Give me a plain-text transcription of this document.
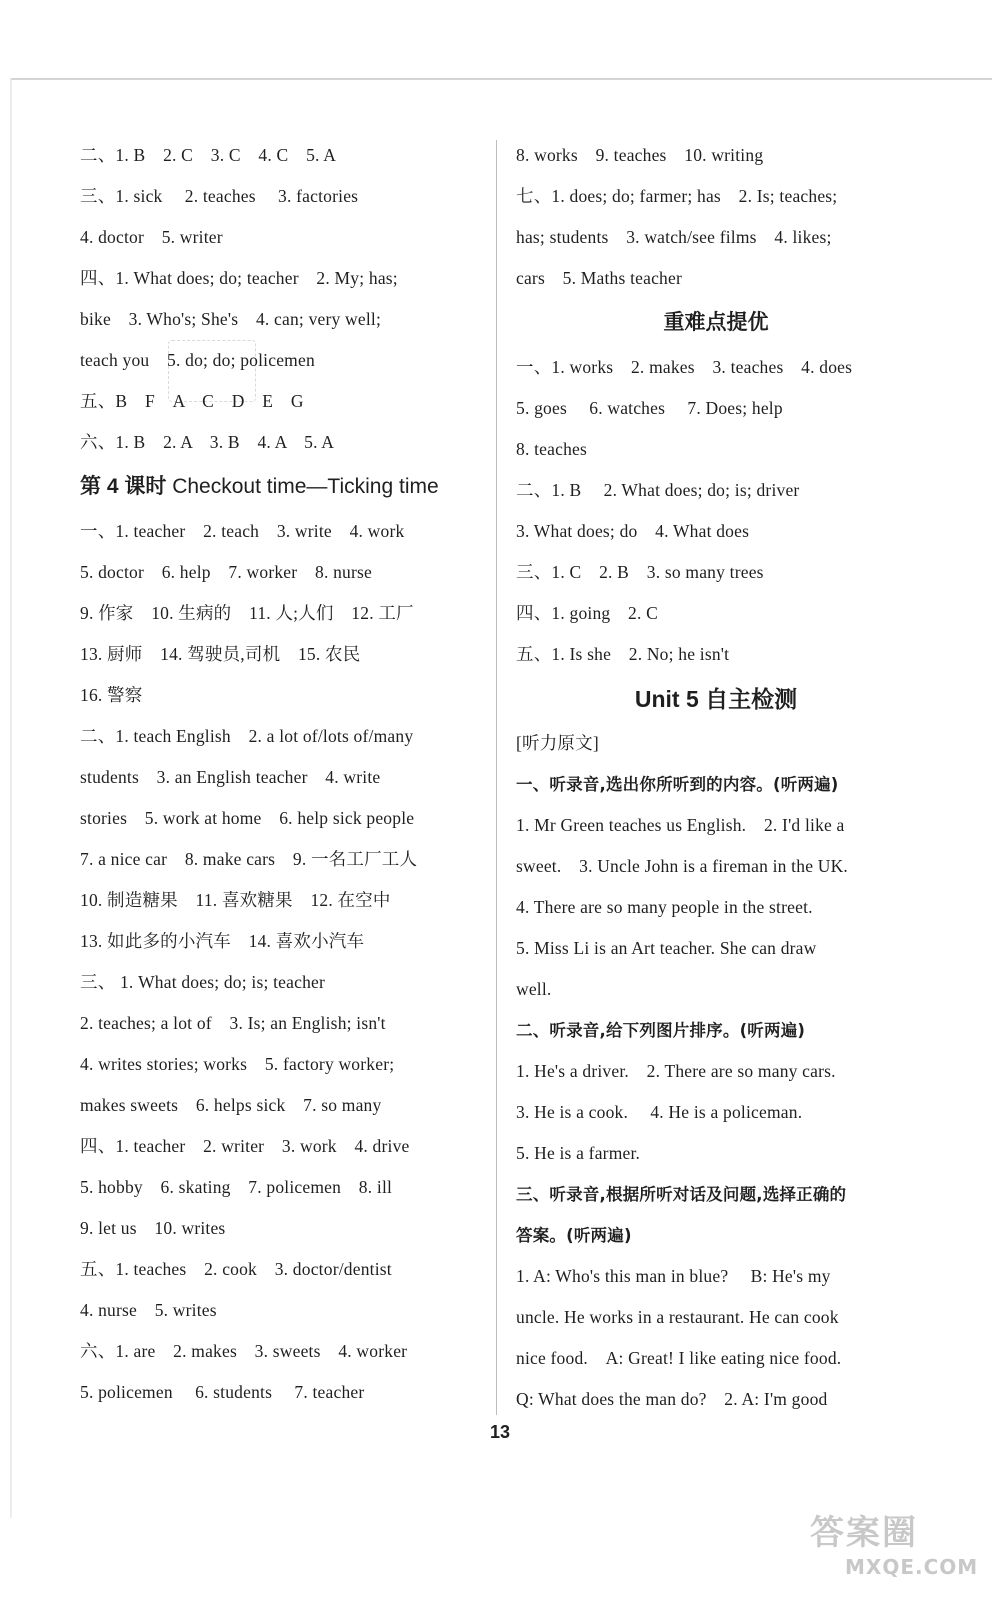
二、1. B　2. C　3. C　4. C　5. A
三、1. sick　 2. teaches　 3. factories
4. doctor　5. writer
四、1. What does; do; teacher　2. My; has;
bike　3. Who's; She's　4. can; very well;
teach you　5. do; do; policemen
五、B　F　A　C　D　E　G
六、1. B　2. A　3. B　4. A　5. A
第 4 课时 Checkout time—Ticking time
一、1. teacher　2. teach　3. write　4. work
5. doctor　6. help　7. worker　8. nurse
9. 作家　10. 生病的　11. 人;人们　12. 工厂
13. 厨师　14. 驾驶员,司机　15. 农民
16. 警察
二、1. teach English　2. a lot of/lots of/many
students　3. an English teacher　4. write
stories　5. work at home　6. help sick people
7. a nice car　8. make cars　9. 一名工厂工人
10. 制造糖果　11. 喜欢糖果　12. 在空中
13. 如此多的小汽车　14. 喜欢小汽车
三、 1. What does; do; is; teacher
2. teaches; a lot of　3. Is; an English; isn't
4. writes stories; works　5. factory worker;
makes sweets　6. helps sick　7. so many
四、1. teacher　2. writer　3. work　4. drive
5. hobby　6. skating　7. policemen　8. ill
9. let us　10. writes
五、1. teaches　2. cook　3. doctor/dentist
4. nurse　5. writes
六、1. are　2. makes　3. sweets　4. worker
5. policemen　 6. students　 7. teacher
8. works　9. teaches　10. writing
七、1. does; do; farmer; has　2. Is; teaches;
has; students　3. watch/see films　4. likes;
cars　5. Maths teacher
重难点提优
一、1. works　2. makes　3. teaches　4. does
5. goes　 6. watches　 7. Does; help
8. teaches
二、1. B　 2. What does; do; is; driver
3. What does; do　4. What does
三、1. C　2. B　3. so many trees
四、1. going　2. C
五、1. Is she　2. No; he isn't
Unit 5 自主检测
[听力原文]
一、听录音,选出你所听到的内容。(听两遍)
1. Mr Green teaches us English.　2. I'd like a
sweet.　3. Uncle John is a fireman in the UK.
4. There are so many people in the street.
5. Miss Li is an Art teacher. She can draw
well.
二、听录音,给下列图片排序。(听两遍)
1. He's a driver.　2. There are so many cars.
3. He is a cook.　 4. He is a policeman.
5. He is a farmer.
三、听录音,根据所听对话及问题,选择正确的
答案。(听两遍)
1. A: Who's this man in blue?　 B: He's my
uncle. He works in a restaurant. He can cook
nice food.　A: Great! I like eating nice food.
Q: What does the man do?　2. A: I'm good
13
答案圈
MXQE.COM
